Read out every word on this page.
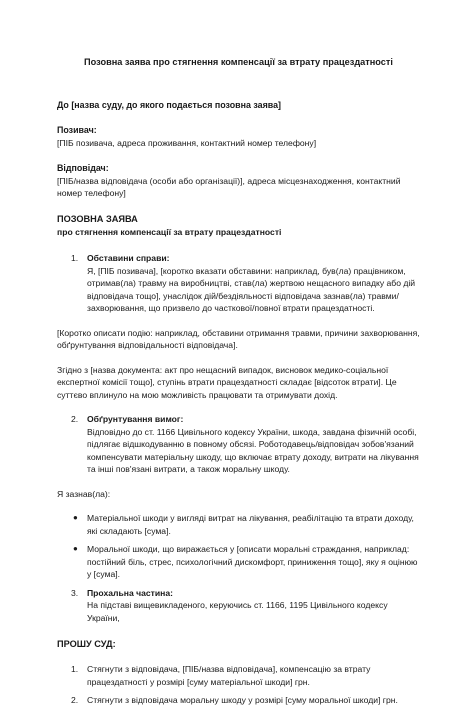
Позовна заява про стягнення компенсації за втрату працездатності

До [назва суду, до якого подається позовна заява]

Позивач:

[ПІБ позивача, адреса проживання, контактний номер телефону]

Відповідач:

[ПІБ/назва відповідача (особи або організації)], адреса місцезнаходження, контактний номер телефону]

ПОЗОВНА ЗАЯВА

про стягнення компенсації за втрату працездатності

1. Обставини справи:

Я, [ПІБ позивача], [коротко вказати обставини: наприклад, був(ла) працівником, отримав(ла) травму на виробництві, став(ла) жертвою нещасного випадку або дій відповідача тощо], унаслідок дій/бездіяльності відповідача зазнав(ла) травми/захворювання, що призвело до часткової/повної втрати працездатності.

[Коротко описати подію: наприклад, обставини отримання травми, причини захворювання, обґрунтування відповідальності відповідача].

Згідно з [назва документа: акт про нещасний випадок, висновок медико-соціальної експертної комісії тощо], ступінь втрати працездатності складає [відсоток втрати]. Це суттєво вплинуло на мою можливість працювати та отримувати дохід.

2. Обґрунтування вимог:

Відповідно до ст. 1166 Цивільного кодексу України, шкода, завдана фізичній особі, підлягає відшкодуванню в повному обсязі. Роботодавець/відповідач зобов'язаний компенсувати матеріальну шкоду, що включає втрату доходу, витрати на лікування та інші пов'язані витрати, а також моральну шкоду.

Я зазнав(ла):

● Матеріальної шкоди у вигляді витрат на лікування, реабілітацію та втрати доходу, які складають [сума].
● Моральної шкоди, що виражається у [описати моральні страждання, наприклад: постійний біль, стрес, психологічний дискомфорт, приниження тощо], яку я оцінюю у [сума].
3. Прохальна частина:

На підставі вищевикладеного, керуючись ст. 1166, 1195 Цивільного кодексу України,

ПРОШУ СУД:

1. Стягнути з відповідача, [ПІБ/назва відповідача], компенсацію за втрату працездатності у розмірі [суму матеріальної шкоди] грн.
2. Стягнути з відповідача моральну шкоду у розмірі [суму моральної шкоди] грн.
